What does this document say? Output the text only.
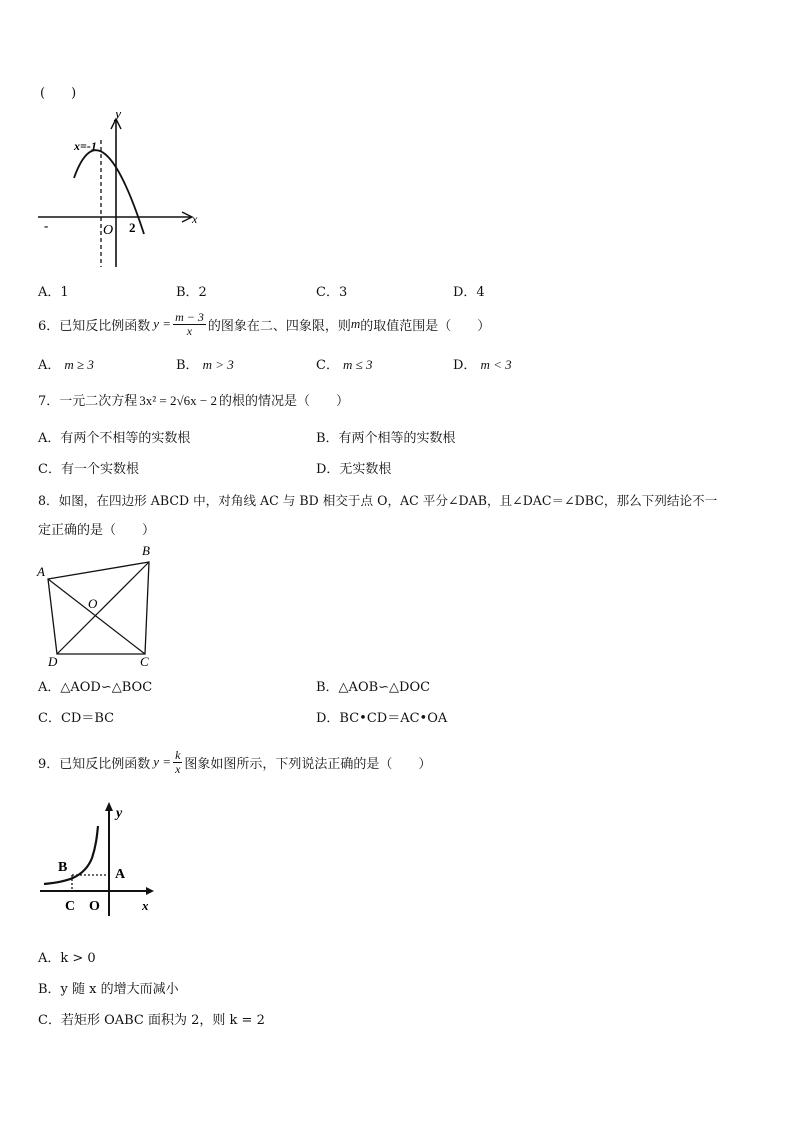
(　　)
y
x
x=-1
O 2
-
A．1	B．2	C．3	D．4
6．已知反比例函数 $y = \frac{m - 3}{x}$ 的图象在二、四象限，则 m 的取值范围是（　　）
A． m ≥ 3	B． m > 3	C． m ≤ 3	D． m < 3
7．一元二次方程 3x² = 2√6x − 2 的根的情况是（　　）
A．有两个不相等的实数根	B．有两个相等的实数根
C．有一个实数根	D．无实数根
8．如图，在四边形 ABCD 中，对角线 AC 与 BD 相交于点 O，AC 平分∠DAB，且∠DAC＝∠DBC，那么下列结论不一
定正确的是（　　）
A
B
C
D
O
A．△AOD∽△BOC	B．△AOB∽△DOC
C．CD＝BC	D．BC•CD＝AC•OA
9．已知反比例函数 $y = \frac{k}{x}$ 图象如图所示，下列说法正确的是（　　）
y
x
B	A
C O
A．k > 0
B．y 随 x 的增大而减小
C．若矩形 OABC 面积为 2，则 k = 2
